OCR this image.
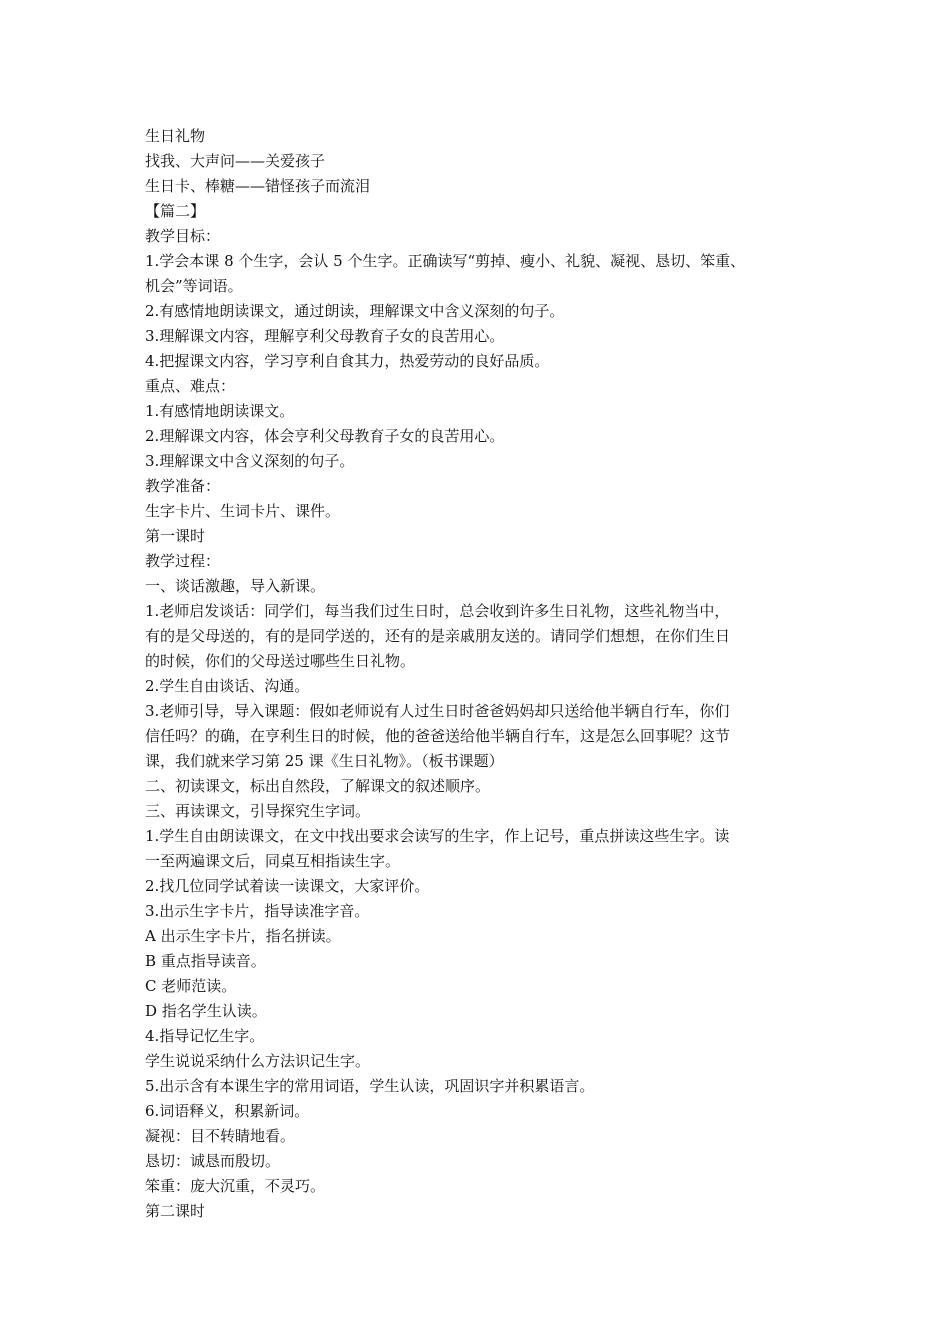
生日礼物
找我、大声问——关爱孩子
生日卡、棒糖——错怪孩子而流泪
【篇二】
教学目标：
1.学会本课 8 个生字，会认 5 个生字。正确读写“剪掉、瘦小、礼貌、凝视、恳切、笨重、
机会”等词语。
2.有感情地朗读课文，通过朗读，理解课文中含义深刻的句子。
3.理解课文内容，理解亨利父母教育子女的良苦用心。
4.把握课文内容，学习亨利自食其力，热爱劳动的良好品质。
重点、难点：
1.有感情地朗读课文。
2.理解课文内容，体会亨利父母教育子女的良苦用心。
3.理解课文中含义深刻的句子。
教学准备：
生字卡片、生词卡片、课件。
第一课时
教学过程：
一、谈话激趣，导入新课。
1.老师启发谈话：同学们，每当我们过生日时，总会收到许多生日礼物，这些礼物当中，
有的是父母送的，有的是同学送的，还有的是亲戚朋友送的。请同学们想想，在你们生日
的时候，你们的父母送过哪些生日礼物。
2.学生自由谈话、沟通。
3.老师引导，导入课题：假如老师说有人过生日时爸爸妈妈却只送给他半辆自行车，你们
信任吗？的确，在亨利生日的时候，他的爸爸送给他半辆自行车，这是怎么回事呢？这节
课，我们就来学习第 25 课《生日礼物》。（板书课题）
二、初读课文，标出自然段，了解课文的叙述顺序。
三、再读课文，引导探究生字词。
1.学生自由朗读课文，在文中找出要求会读写的生字，作上记号，重点拼读这些生字。读
一至两遍课文后，同桌互相指读生字。
2.找几位同学试着读一读课文，大家评价。
3.出示生字卡片，指导读准字音。
A 出示生字卡片，指名拼读。
B 重点指导读音。
C 老师范读。
D 指名学生认读。
4.指导记忆生字。
学生说说采纳什么方法识记生字。
5.出示含有本课生字的常用词语，学生认读，巩固识字并积累语言。
6.词语释义，积累新词。
凝视：目不转睛地看。
恳切：诚恳而殷切。
笨重：庞大沉重，不灵巧。
第二课时
